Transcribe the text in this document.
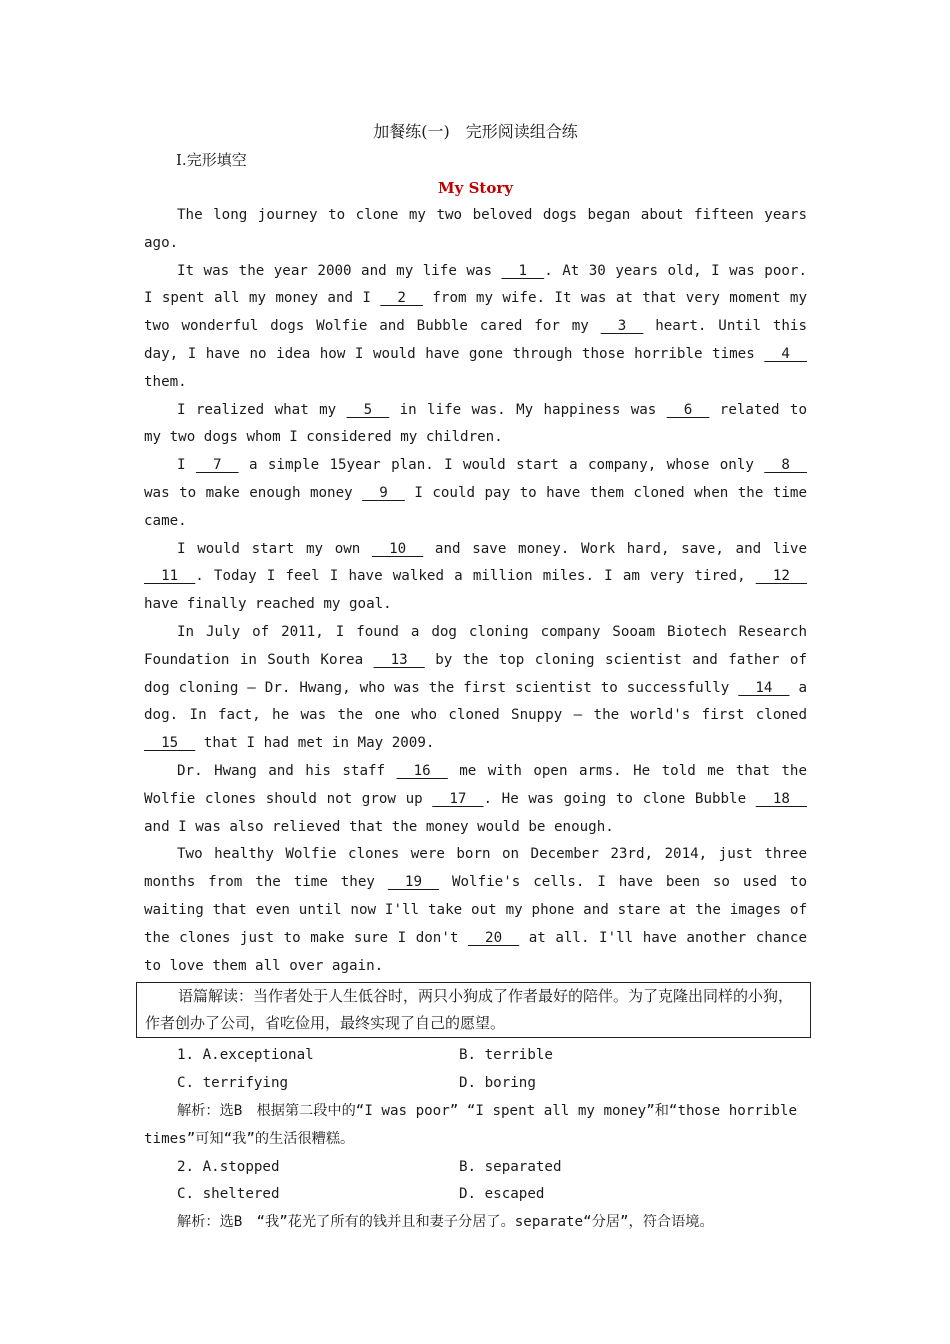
加餐练(一)　完形阅读组合练
Ⅰ.完形填空
My Story

The long journey to clone my two beloved dogs began about fifteen years ago.

It was the year 2000 and my life was   1  . At 30 years old, I was poor. I spent all my money and I   2   from my wife. It was at that very moment my two wonderful dogs Wolfie and Bubble cared for my   3   heart. Until this day, I have no idea how I would have gone through those horrible times   4   them.

I realized what my   5   in life was. My happiness was   6   related to my two dogs whom I considered my children.

I   7   a simple 15year plan. I would start a company, whose only   8   was to make enough money   9   I could pay to have them cloned when the time came.

I would start my own   10   and save money. Work hard, save, and live   11  . Today I feel I have walked a million miles. I am very tired,   12   have finally reached my goal.

In July of 2011, I found a dog cloning company Sooam Biotech Research Foundation in South Korea   13   by the top cloning scientist and father of dog cloning — Dr. Hwang, who was the first scientist to successfully   14   a dog. In fact, he was the one who cloned Snuppy — the world's first cloned   15   that I had met in May 2009.

Dr. Hwang and his staff   16   me with open arms. He told me that the Wolfie clones should not grow up   17  . He was going to clone Bubble   18   and I was also relieved that the money would be enough.

Two healthy Wolfie clones were born on December 23rd, 2014, just three months from the time they   19   Wolfie's cells. I have been so used to waiting that even until now I'll take out my phone and stare at the images of the clones just to make sure I don't   20   at all. I'll have another chance to love them all over again.

语篇解读：当作者处于人生低谷时，两只小狗成了作者最好的陪伴。为了克隆出同样的小狗，作者创办了公司，省吃俭用，最终实现了自己的愿望。
1. A.exceptional	B. terrible
C. terrifying	D. boring

解析：选B　根据第二段中的“I was poor” “I spent all my money”和“those horrible times”可知“我”的生活很糟糕。

2. A.stopped	B. separated
C. sheltered	D. escaped

解析：选B　“我”花光了所有的钱并且和妻子分居了。separate“分居”，符合语境。
